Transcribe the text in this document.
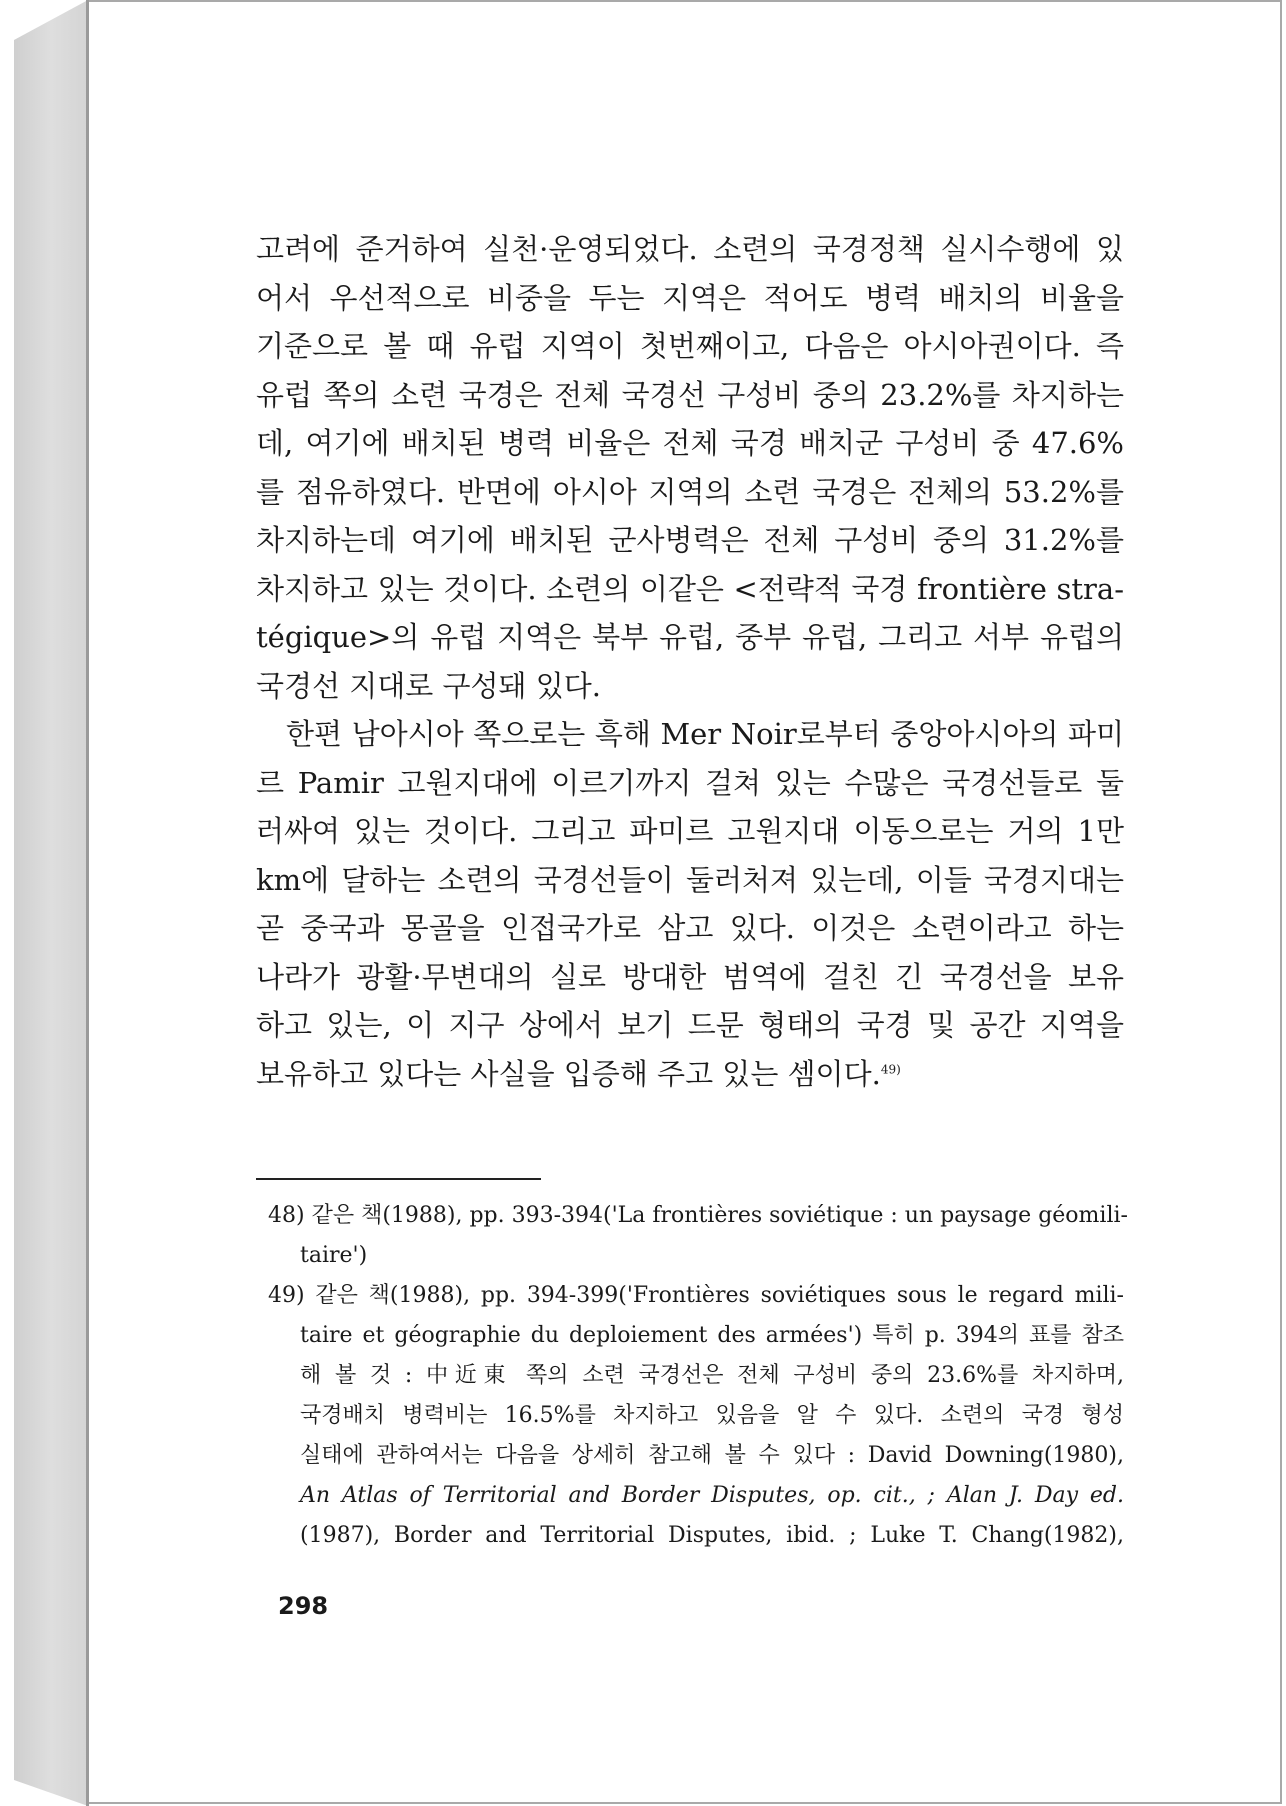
고려에 준거하여 실천·운영되었다. 소련의 국경정책 실시수행에 있
어서 우선적으로 비중을 두는 지역은 적어도 병력 배치의 비율을
기준으로 볼 때 유럽 지역이 첫번째이고, 다음은 아시아권이다. 즉
유럽 쪽의 소련 국경은 전체 국경선 구성비 중의 23.2%를 차지하는
데, 여기에 배치된 병력 비율은 전체 국경 배치군 구성비 중 47.6%
를 점유하였다. 반면에 아시아 지역의 소련 국경은 전체의 53.2%를
차지하는데 여기에 배치된 군사병력은 전체 구성비 중의 31.2%를
차지하고 있는 것이다. 소련의 이같은 <전략적 국경 frontière stra-
tégique>의 유럽 지역은 북부 유럽, 중부 유럽, 그리고 서부 유럽의
국경선 지대로 구성돼 있다.
한편 남아시아 쪽으로는 흑해 Mer Noir로부터 중앙아시아의 파미
르 Pamir 고원지대에 이르기까지 걸쳐 있는 수많은 국경선들로 둘
러싸여 있는 것이다. 그리고 파미르 고원지대 이동으로는 거의 1만
km에 달하는 소련의 국경선들이 둘러처져 있는데, 이들 국경지대는
곧 중국과 몽골을 인접국가로 삼고 있다. 이것은 소련이라고 하는
나라가 광활·무변대의 실로 방대한 범역에 걸친 긴 국경선을 보유
하고 있는, 이 지구 상에서 보기 드문 형태의 국경 및 공간 지역을
보유하고 있다는 사실을 입증해 주고 있는 셈이다.$^{49)}$
48) 같은 책(1988), pp. 393-394('La frontières soviétique : un paysage géomili-
taire')
49) 같은 책(1988), pp. 394-399('Frontières soviétiques sous le regard mili-
taire et géographie du deploiement des armées') 특히 p. 394의 표를 참조
해 볼 것 : 中近東 쪽의 소련 국경선은 전체 구성비 중의 23.6%를 차지하며,
국경배치 병력비는 16.5%를 차지하고 있음을 알 수 있다. 소련의 국경 형성
실태에 관하여서는 다음을 상세히 참고해 볼 수 있다 : David Downing(1980),
An Atlas of Territorial and Border Disputes, op. cit., ; Alan J. Day ed.
(1987), Border and Territorial Disputes, ibid. ; Luke T. Chang(1982),
298
